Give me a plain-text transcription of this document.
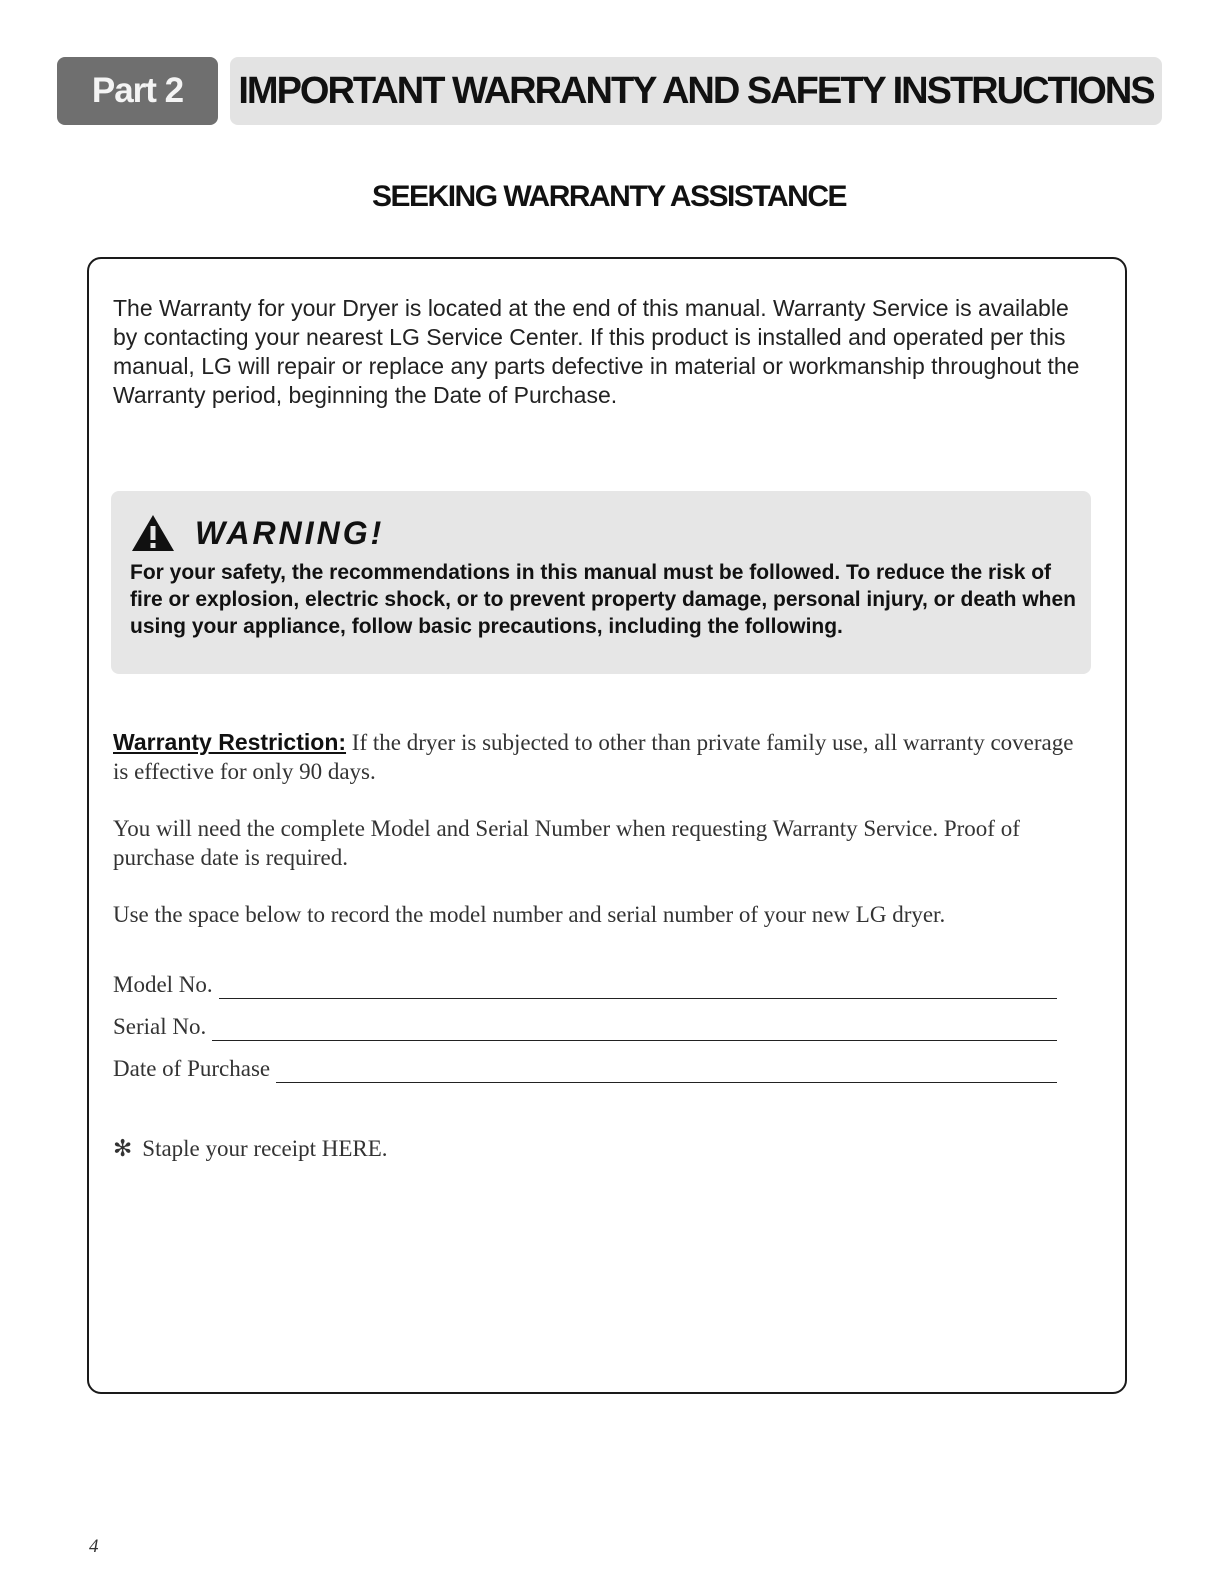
Part 2	IMPORTANT WARRANTY AND SAFETY INSTRUCTIONS
SEEKING WARRANTY ASSISTANCE
The Warranty for your Dryer is located at the end of this manual. Warranty Service is available by contacting your nearest LG Service Center. If this product is installed and operated per this manual, LG will repair or replace any parts defective in material or workmanship throughout the Warranty period, beginning the Date of Purchase.
WARNING!
For your safety, the recommendations in this manual must be followed. To reduce the risk of fire or explosion, electric shock, or to prevent property damage, personal injury, or death when using your appliance, follow basic precautions, including the following.
Warranty Restriction: If the dryer is subjected to other than private family use, all warranty coverage is effective for only 90 days.
You will need the complete Model and Serial Number when requesting Warranty Service. Proof of purchase date is required.
Use the space below to record the model number and serial number of your new LG dryer.
Model No.
Serial No.
Date of Purchase
✻ Staple your receipt HERE.
4
